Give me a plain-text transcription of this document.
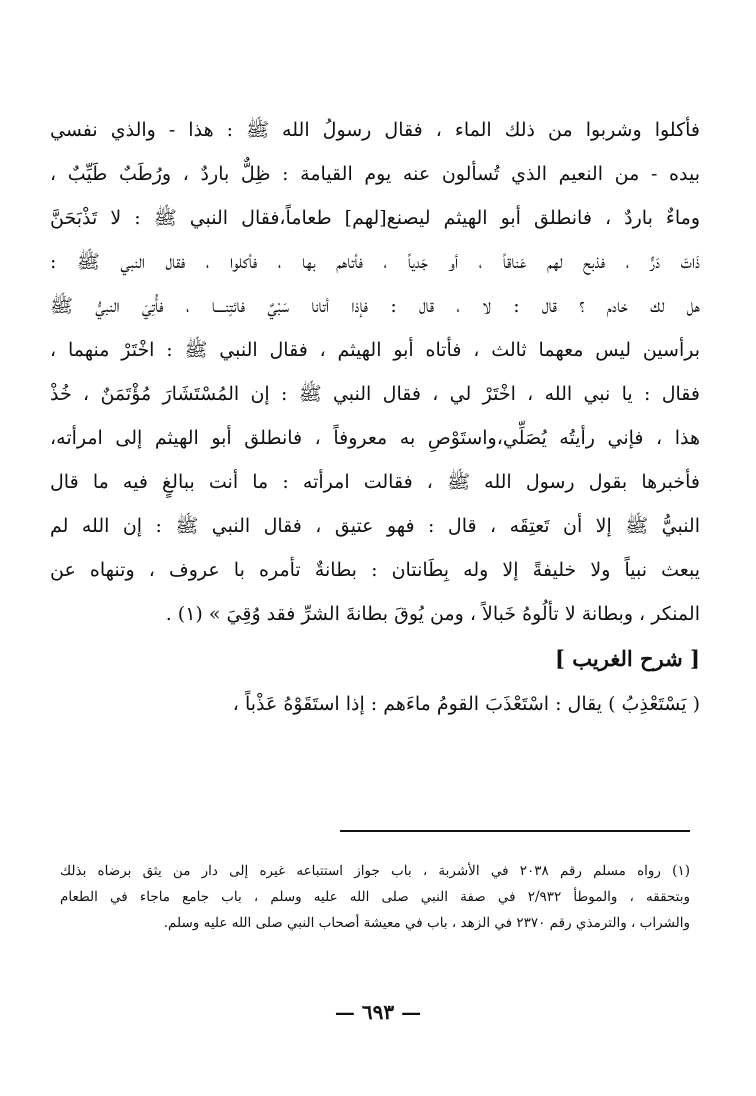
فأكلوا وشربوا من ذلك الماء ، فقال رسولُ الله ﷺ : هذا - والذي نفسي
بيده - من النعيم الذي تُسألون عنه يوم القيامة : ظِلٌّ باردٌ ، ورُطَبٌ طَيِّبٌ ،
وماءٌ باردٌ ، فانطلق أبو الهيثم ليصنع[لهم] طعاماً،فقال النبي ﷺ : لا تَذْبَحَنَّ
ذَاتَ دَرٍّ ، فذبح لهم عَناقاً ، أو جَدياً ، فأتاهم بها ، فأكلوا ، فقال النبي ﷺ :
هل لك خادم ؟ قال : لا ، قال : فإذا أتانا سَبْيٌ فائتِنــــا ، فأُتِيَ النبيُّ ﷺ
برأسين ليس معهما ثالث ، فأتاه أبو الهيثم ، فقال النبي ﷺ : اخْتَرْ منهما ،
فقال : يا نبي الله ، اخْتَرْ لي ، فقال النبي ﷺ : إن المُسْتَشَارَ مُؤْتَمَنٌ ، خُذْ
هذا ، فإني رأيتُه يُصَلِّي،واستَوْصِ به معروفاً ، فانطلق أبو الهيثم إلى امرأته،
فأخبرها بقول رسول الله ﷺ ، فقالت امرأته : ما أنت ببالغٍ فيه ما قال
النبيُّ ﷺ إلا أن تَعتِقَه ، قال : فهو عتيق ، فقال النبي ﷺ : إن الله لم
يبعث نبياً ولا خليفةً إلا وله بِطَانتان : بطانةٌ تأمره با عروف ، وتنهاه عن
المنكر ، وبطانة لا تألُوهُ خَبالاً ، ومن يُوقَ بطانةَ الشرِّ فقد وُقِيَ » (١) .
[ شرح الغريب ]
( يَسْتَعْذِبُ ) يقال : اسْتَعْذَبَ القومُ ماءَهم : إذا استَقَوْهُ عَذْباً ،
(١) رواه مسلم رقم ٢٠٣٨ في الأشربة ، باب جواز استتباعه غيره إلى دار من يثق برضاه بذلك
وبتحققه ، والموطأ ٢/٩٣٢ في صفة النبي صلى الله عليه وسلم ، باب جامع ماجاء في الطعام
والشراب ، والترمذي رقم ٢٣٧٠ في الزهد ، باب في معيشة أصحاب النبي صلى الله عليه وسلم.
— ٦٩٣ —
